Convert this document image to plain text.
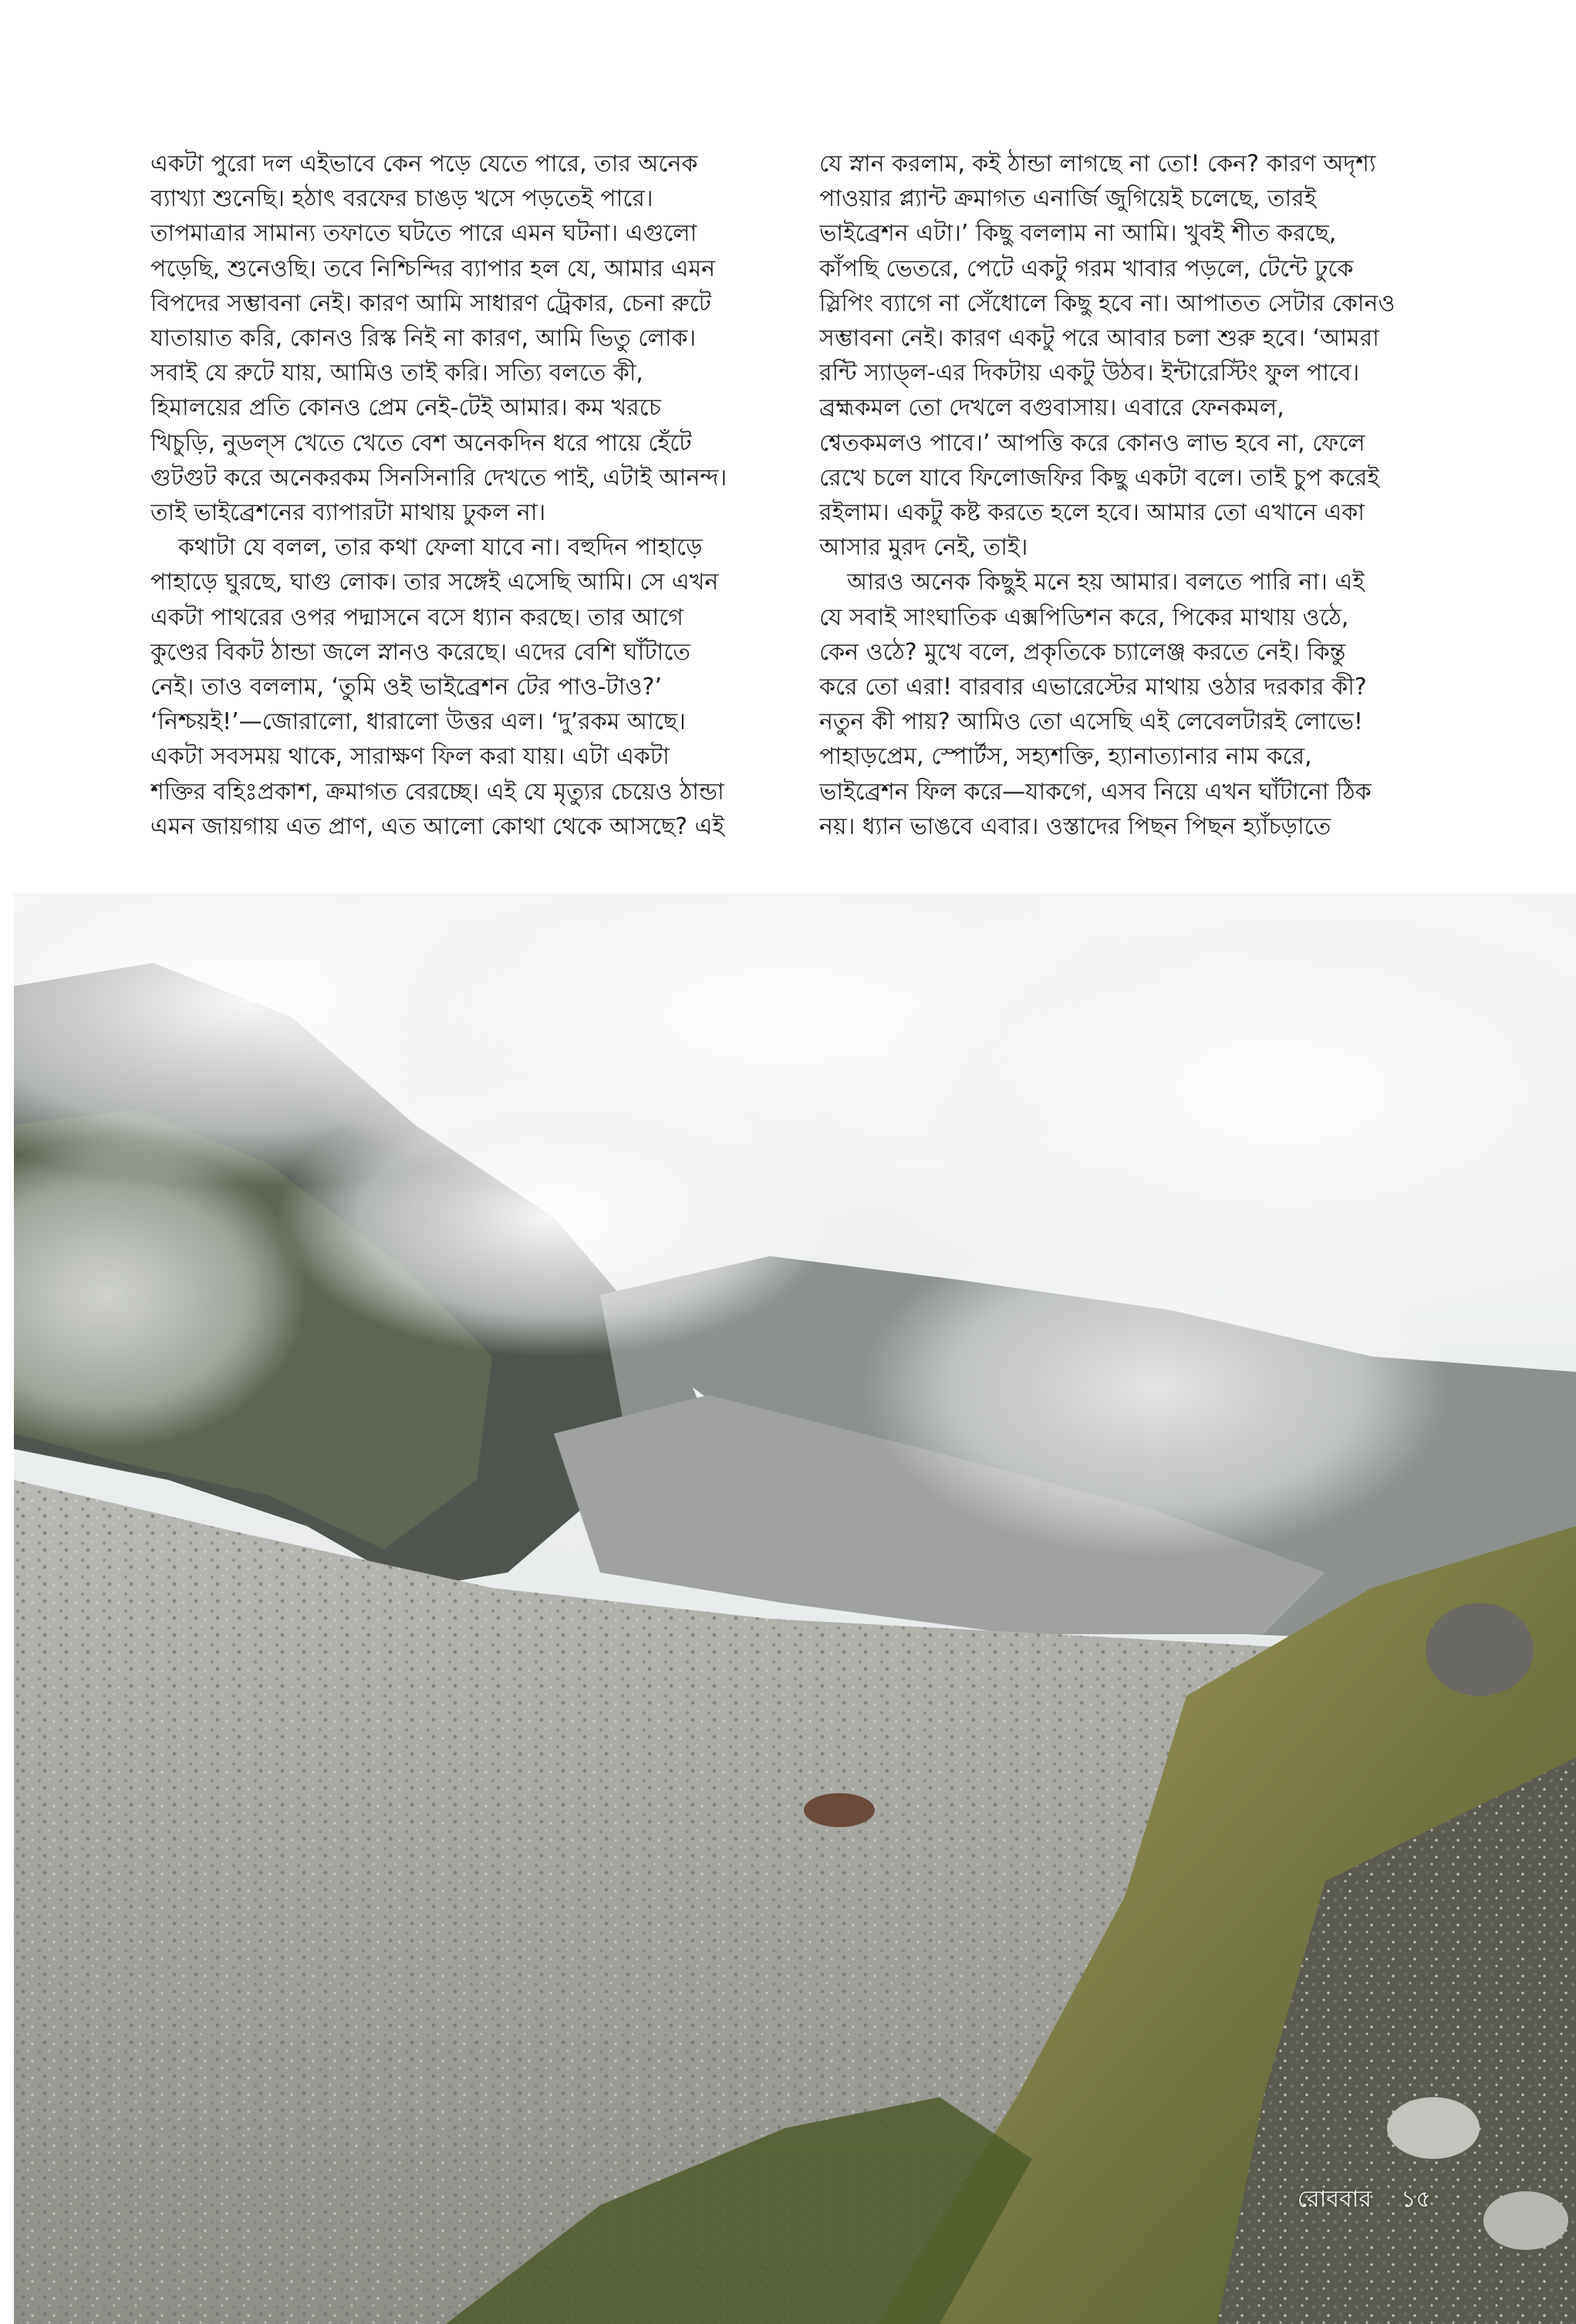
একটা পুরো দল এইভাবে কেন পড়ে যেতে পারে, তার অনেক
ব্যাখ্যা শুনেছি। হঠাৎ বরফের চাঙড় খসে পড়তেই পারে।
তাপমাত্রার সামান্য তফাতে ঘটতে পারে এমন ঘটনা। এগুলো
পড়েছি, শুনেওছি। তবে নিশ্চিন্দির ব্যাপার হল যে, আমার এমন
বিপদের সম্ভাবনা নেই। কারণ আমি সাধারণ ট্রেকার, চেনা রুটে
যাতায়াত করি, কোনও রিস্ক নিই না কারণ, আমি ভিতু লোক।
সবাই যে রুটে যায়, আমিও তাই করি। সত্যি বলতে কী,
হিমালয়ের প্রতি কোনও প্রেম নেই-টেই আমার। কম খরচে
খিচুড়ি, নুডল্স খেতে খেতে বেশ অনেকদিন ধরে পায়ে হেঁটে
গুটগুট করে অনেকরকম সিনসিনারি দেখতে পাই, এটাই আনন্দ।
তাই ভাইব্রেশনের ব্যাপারটা মাথায় ঢুকল না।
কথাটা যে বলল, তার কথা ফেলা যাবে না। বহুদিন পাহাড়ে
পাহাড়ে ঘুরছে, ঘাগু লোক। তার সঙ্গেই এসেছি আমি। সে এখন
একটা পাথরের ওপর পদ্মাসনে বসে ধ্যান করছে। তার আগে
কুণ্ডের বিকট ঠান্ডা জলে স্নানও করেছে। এদের বেশি ঘাঁটাতে
নেই। তাও বললাম, ‘তুমি ওই ভাইব্রেশন টের পাও-টাও?’
‘নিশ্চয়ই!’—জোরালো, ধারালো উত্তর এল। ‘দু’রকম আছে।
একটা সবসময় থাকে, সারাক্ষণ ফিল করা যায়। এটা একটা
শক্তির বহিঃপ্রকাশ, ক্রমাগত বেরচ্ছে। এই যে মৃত্যুর চেয়েও ঠান্ডা
এমন জায়গায় এত প্রাণ, এত আলো কোথা থেকে আসছে? এই
যে স্নান করলাম, কই ঠান্ডা লাগছে না তো! কেন? কারণ অদৃশ্য
পাওয়ার প্ল্যান্ট ক্রমাগত এনার্জি জুগিয়েই চলেছে, তারই
ভাইব্রেশন এটা।’ কিছু বললাম না আমি। খুবই শীত করছে,
কাঁপছি ভেতরে, পেটে একটু গরম খাবার পড়লে, টেন্টে ঢুকে
স্লিপিং ব্যাগে না সেঁধোলে কিছু হবে না। আপাতত সেটার কোনও
সম্ভাবনা নেই। কারণ একটু পরে আবার চলা শুরু হবে। ‘আমরা
রন্টি স্যাড্ল-এর দিকটায় একটু উঠব। ইন্টারেস্টিং ফুল পাবে।
ব্রহ্মকমল তো দেখলে বগুবাসায়। এবারে ফেনকমল,
শ্বেতকমলও পাবে।’ আপত্তি করে কোনও লাভ হবে না, ফেলে
রেখে চলে যাবে ফিলোজফির কিছু একটা বলে। তাই চুপ করেই
রইলাম। একটু কষ্ট করতে হলে হবে। আমার তো এখানে একা
আসার মুরদ নেই, তাই।
আরও অনেক কিছুই মনে হয় আমার। বলতে পারি না। এই
যে সবাই সাংঘাতিক এক্সপিডিশন করে, পিকের মাথায় ওঠে,
কেন ওঠে? মুখে বলে, প্রকৃতিকে চ্যালেঞ্জ করতে নেই। কিন্তু
করে তো এরা! বারবার এভারেস্টের মাথায় ওঠার দরকার কী?
নতুন কী পায়? আমিও তো এসেছি এই লেবেলটারই লোভে!
পাহাড়প্রেম, স্পোর্টস, সহ্যশক্তি, হ্যানাত্যানার নাম করে,
ভাইব্রেশন ফিল করে—যাকগে, এসব নিয়ে এখন ঘাঁটানো ঠিক
নয়। ধ্যান ভাঙবে এবার। ওস্তাদের পিছন পিছন হ্যাঁচড়াতে
রোববার ১৫
